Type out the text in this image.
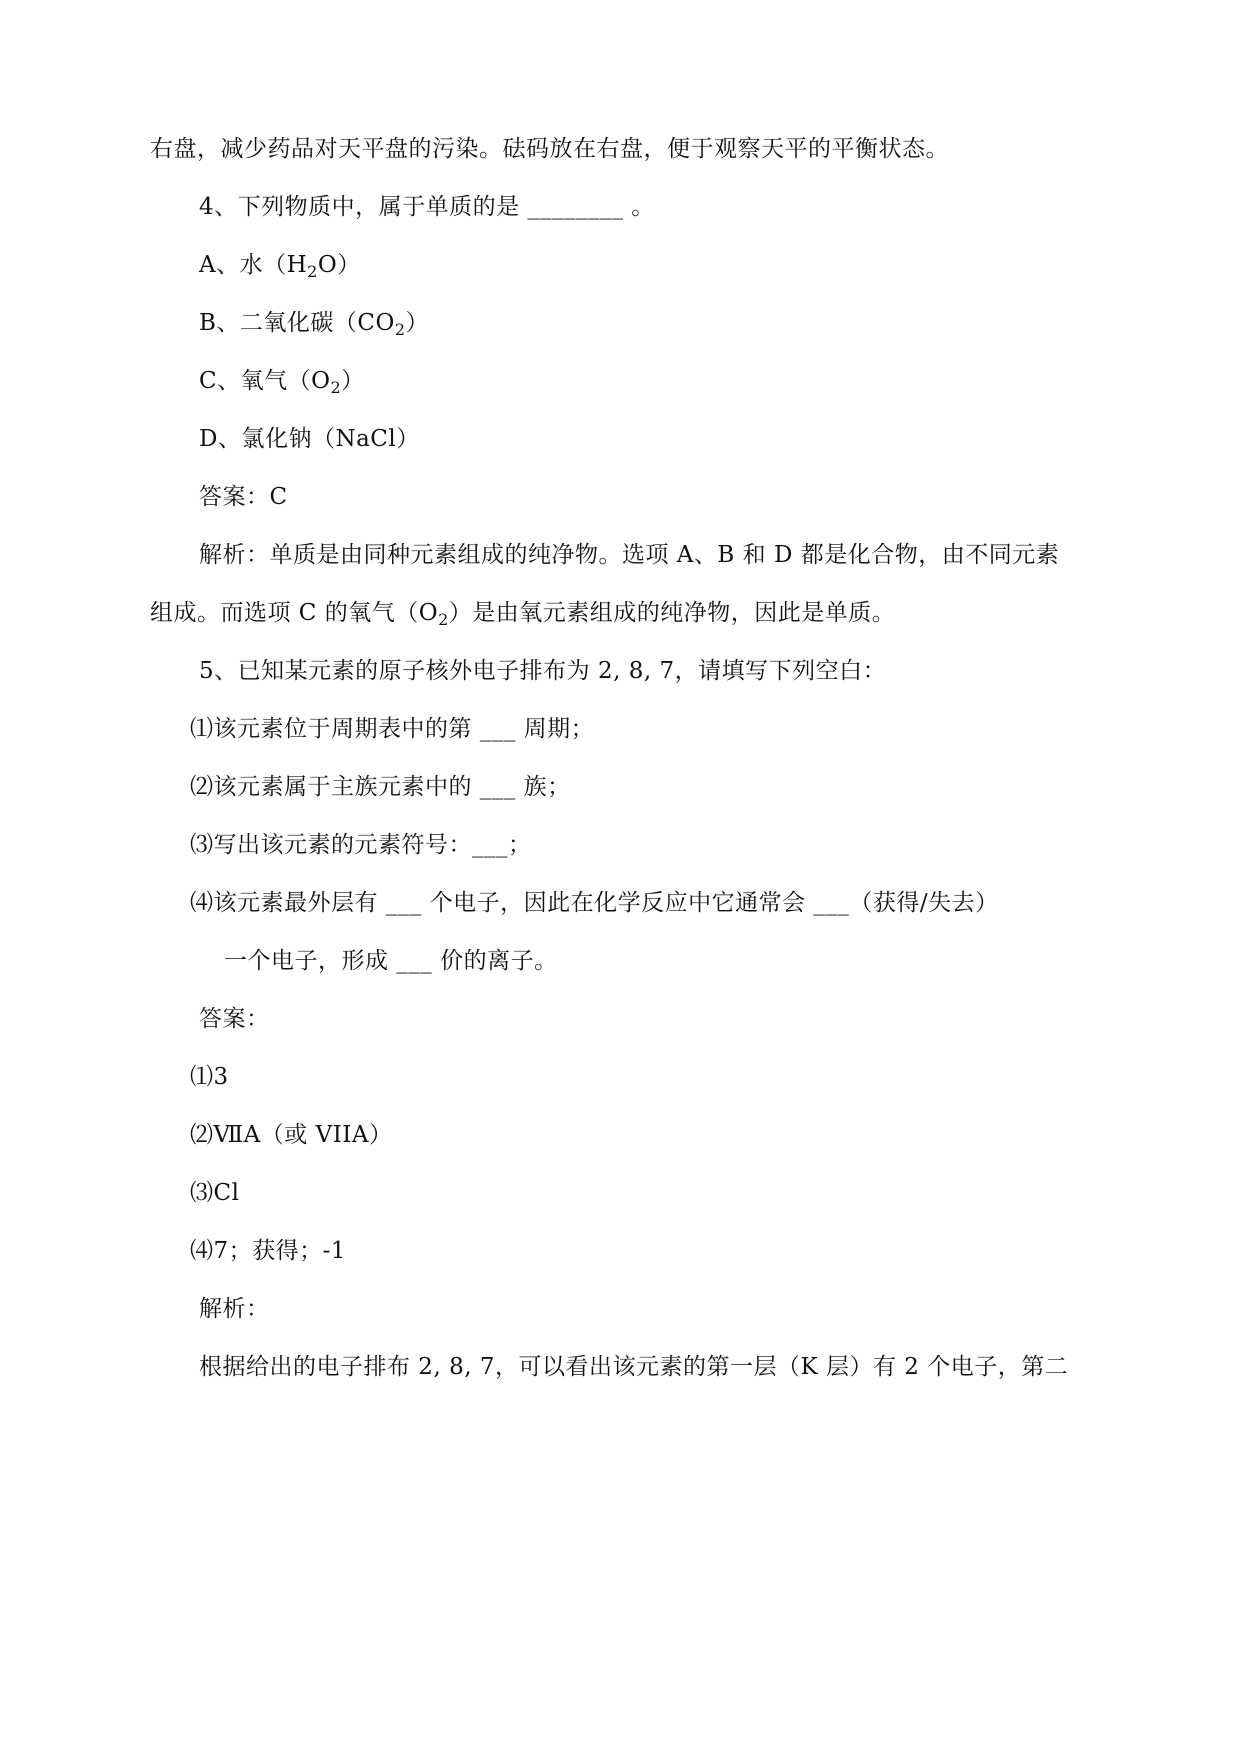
右盘，减少药品对天平盘的污染。砝码放在右盘，便于观察天平的平衡状态。
4、下列物质中，属于单质的是 ________ 。
A、水$(H_2O)$
B、二氧化碳$(CO_2)$
C、氧气$(O_2)$
D、氯化钠（NaCl）
答案：C
解析：单质是由同种元素组成的纯净物。选项 A、B 和 D 都是化合物，由不同元素
组成。而选项 C 的氧气$(O_2)$是由氧元素组成的纯净物，因此是单质。
5、已知某元素的原子核外电子排布为 2, 8, 7，请填写下列空白：
⑴该元素位于周期表中的第 ___ 周期；
⑵该元素属于主族元素中的 ___ 族；
⑶写出该元素的元素符号：___；
⑷该元素最外层有 ___ 个电子，因此在化学反应中它通常会 ___（获得/失去）
一个电子，形成 ___ 价的离子。
答案：
⑴3
⑵ⅦA（或 VIIA）
⑶Cl
⑷7；获得；-1
解析：
根据给出的电子排布 2, 8, 7，可以看出该元素的第一层（K 层）有 2 个电子，第二
